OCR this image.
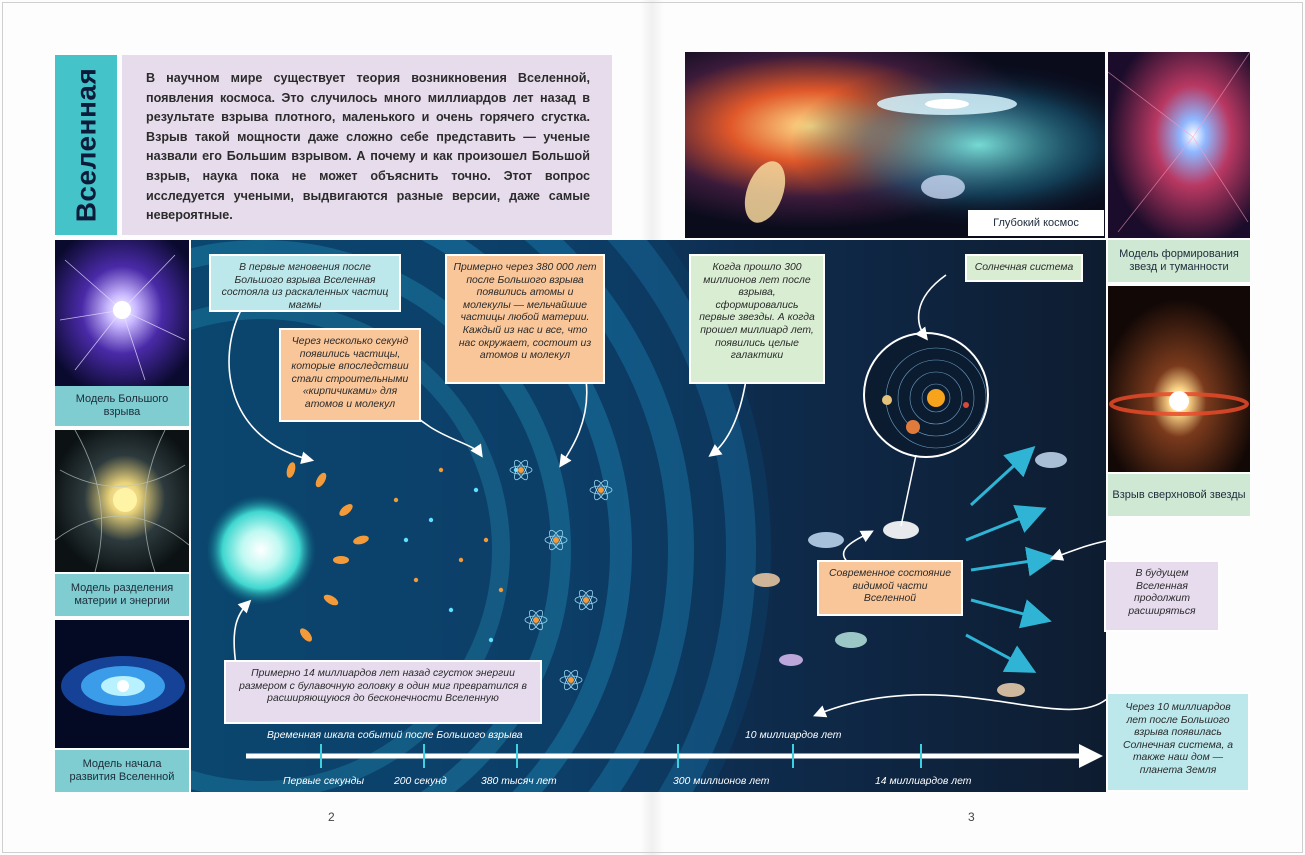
Вселенная	В научном мире существует теория возникновения Вселенной, появления космоса. Это случилось много миллиардов лет назад в результате взрыва плотного, маленького и очень горячего сгустка. Взрыв такой мощности даже сложно себе представить — ученые назвали его Большим взрывом. А почему и как произошел Большой взрыв, наука пока не может объяснить точно. Этот вопрос исследуется учеными, выдвигаются разные версии, даже самые невероятные.

Модель Большого взрыва
Модель разделения материи и энергии
Модель начала развития Вселенной
Глубокий космос
Модель формирования звезд и туманности
Взрыв сверхновой звезды
В первые мгновения после Большого взрыва Вселенная состояла из раскаленных частиц магмы
Через несколько секунд появились частицы, которые впоследствии стали строительными «кирпичиками» для атомов и молекул
Примерно через 380 000 лет после Большого взрыва появились атомы и молекулы — мельчайшие частицы любой материи. Каждый из нас и все, что нас окружает, состоит из атомов и молекул
Когда прошло 300 миллионов лет после взрыва, сформировались первые звезды. А когда прошел миллиард лет, появились целые галактики
Солнечная система
Современное состояние видимой части Вселенной
Примерно 14 миллиардов лет назад сгусток энергии размером с булавочную головку в один миг превратился в расширяющуюся до бесконечности Вселенную
Временная шкала событий после Большого взрыва	10 миллиардов лет
Первые секунды	200 секунд	380 тысяч лет	300 миллионов лет	14 миллиардов лет
В будущем Вселенная продолжит расширяться
Через 10 миллиардов лет после Большого взрыва появилась Солнечная система, а также наш дом — планета Земля
2	3
